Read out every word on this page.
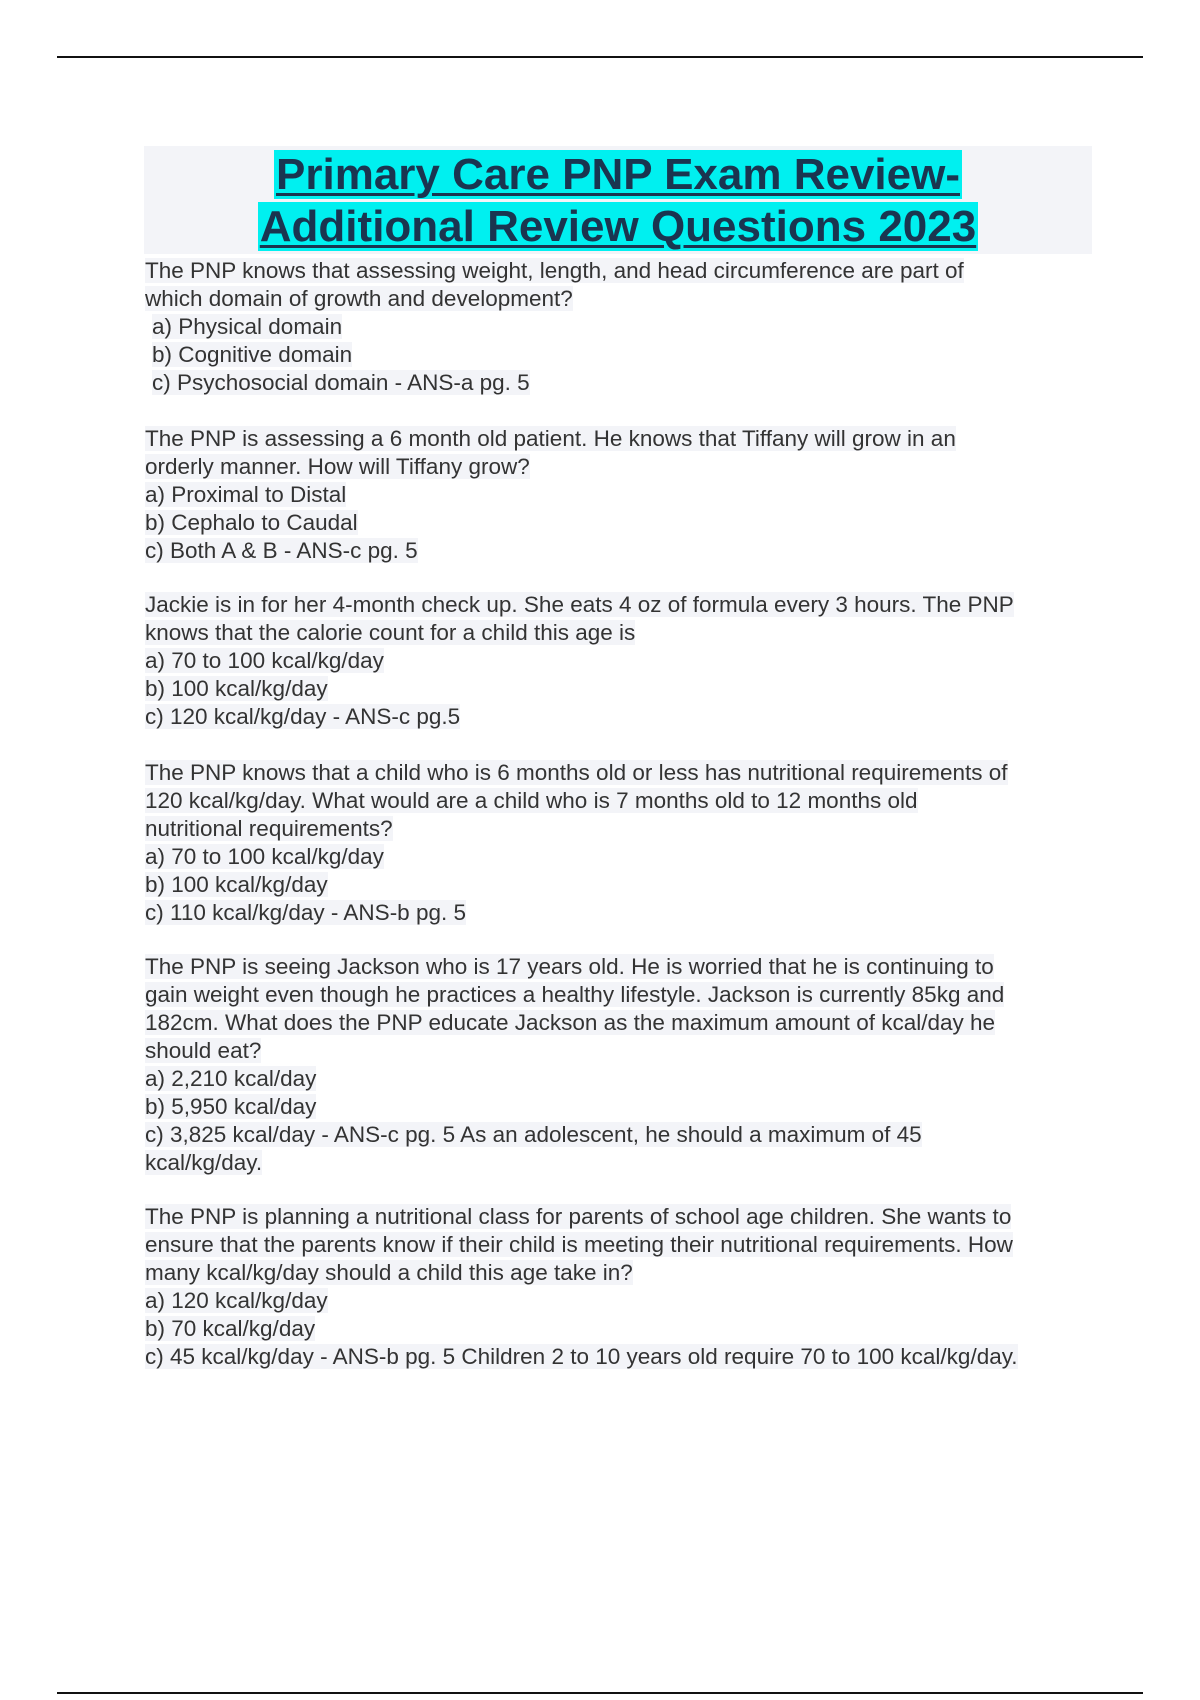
Primary Care PNP Exam Review-
Additional Review Questions 2023
The PNP knows that assessing weight, length, and head circumference are part of
which domain of growth and development?
a) Physical domain
b) Cognitive domain
c) Psychosocial domain - ANS-a pg. 5
The PNP is assessing a 6 month old patient. He knows that Tiffany will grow in an
orderly manner. How will Tiffany grow?
a) Proximal to Distal
b) Cephalo to Caudal
c) Both A & B - ANS-c pg. 5
Jackie is in for her 4-month check up. She eats 4 oz of formula every 3 hours. The PNP
knows that the calorie count for a child this age is
a) 70 to 100 kcal/kg/day
b) 100 kcal/kg/day
c) 120 kcal/kg/day - ANS-c pg.5
The PNP knows that a child who is 6 months old or less has nutritional requirements of
120 kcal/kg/day. What would are a child who is 7 months old to 12 months old
nutritional requirements?
a) 70 to 100 kcal/kg/day
b) 100 kcal/kg/day
c) 110 kcal/kg/day - ANS-b pg. 5
The PNP is seeing Jackson who is 17 years old. He is worried that he is continuing to
gain weight even though he practices a healthy lifestyle. Jackson is currently 85kg and
182cm. What does the PNP educate Jackson as the maximum amount of kcal/day he
should eat?
a) 2,210 kcal/day
b) 5,950 kcal/day
c) 3,825 kcal/day - ANS-c pg. 5 As an adolescent, he should a maximum of 45
kcal/kg/day.
The PNP is planning a nutritional class for parents of school age children. She wants to
ensure that the parents know if their child is meeting their nutritional requirements. How
many kcal/kg/day should a child this age take in?
a) 120 kcal/kg/day
b) 70 kcal/kg/day
c) 45 kcal/kg/day - ANS-b pg. 5 Children 2 to 10 years old require 70 to 100 kcal/kg/day.
